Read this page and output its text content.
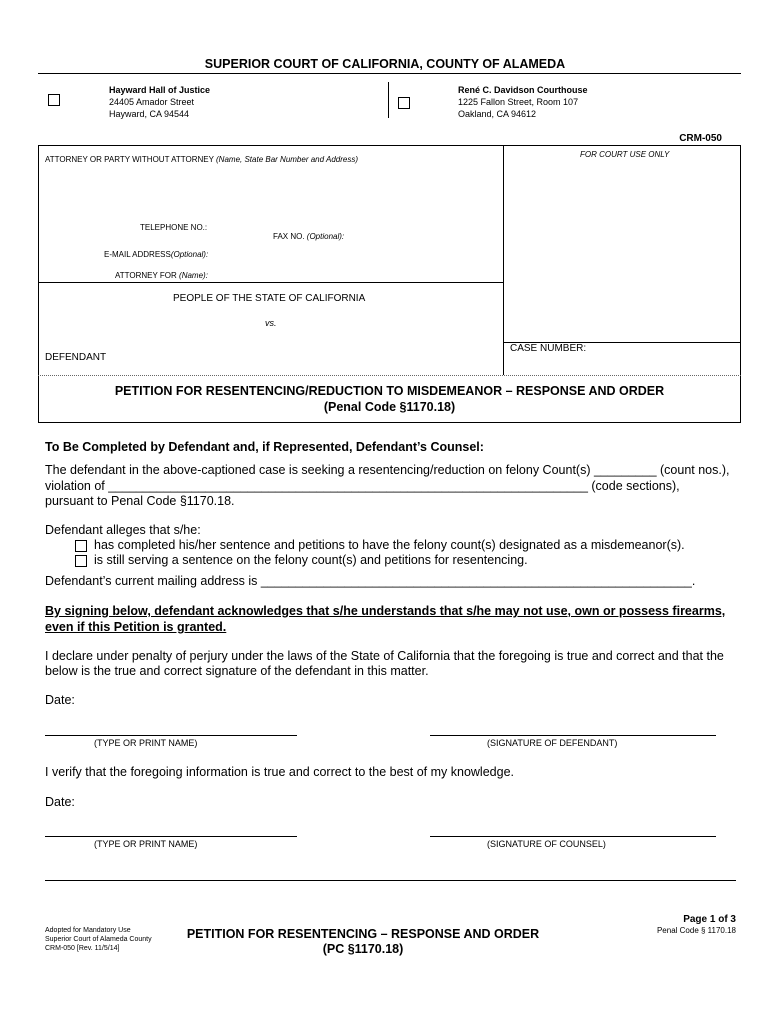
SUPERIOR COURT OF CALIFORNIA, COUNTY OF ALAMEDA
Hayward Hall of Justice
24405 Amador Street
Hayward, CA 94544
René C. Davidson Courthouse
1225 Fallon Street, Room 107
Oakland, CA 94612
CRM-050
ATTORNEY OR PARTY WITHOUT ATTORNEY (Name, State Bar Number and Address)
FOR COURT USE ONLY
TELEPHONE NO.:
FAX NO. (Optional):
E-MAIL ADDRESS(Optional):
ATTORNEY FOR (Name):
PEOPLE OF THE STATE OF CALIFORNIA
vs.
DEFENDANT
CASE NUMBER:
PETITION FOR RESENTENCING/REDUCTION TO MISDEMEANOR – RESPONSE AND ORDER
(Penal Code §1170.18)
To Be Completed by Defendant and, if Represented, Defendant’s Counsel:
The defendant in the above-captioned case is seeking a resentencing/reduction on felony Count(s) _________ (count nos.),
violation of _____________________________________________________________________ (code sections),
pursuant to Penal Code §1170.18.
Defendant alleges that s/he:
has completed his/her sentence and petitions to have the felony count(s) designated as a misdemeanor(s).
is still serving a sentence on the felony count(s) and petitions for resentencing.
Defendant’s current mailing address is ______________________________________________________________.
By signing below, defendant acknowledges that s/he understands that s/he may not use, own or possess firearms,
even if this Petition is granted.
I declare under penalty of perjury under the laws of the State of California that the foregoing is true and correct and that the
below is the true and correct signature of the defendant in this matter.
Date:
(TYPE OR PRINT NAME)	(SIGNATURE OF DEFENDANT)
I verify that the foregoing information is true and correct to the best of my knowledge.
Date:
(TYPE OR PRINT NAME)	(SIGNATURE OF COUNSEL)
Page 1 of 3
Penal Code § 1170.18
Adopted for Mandatory Use
Superior Court of Alameda County
CRM-050 [Rev. 11/5/14]
PETITION FOR RESENTENCING – RESPONSE AND ORDER
(PC §1170.18)
